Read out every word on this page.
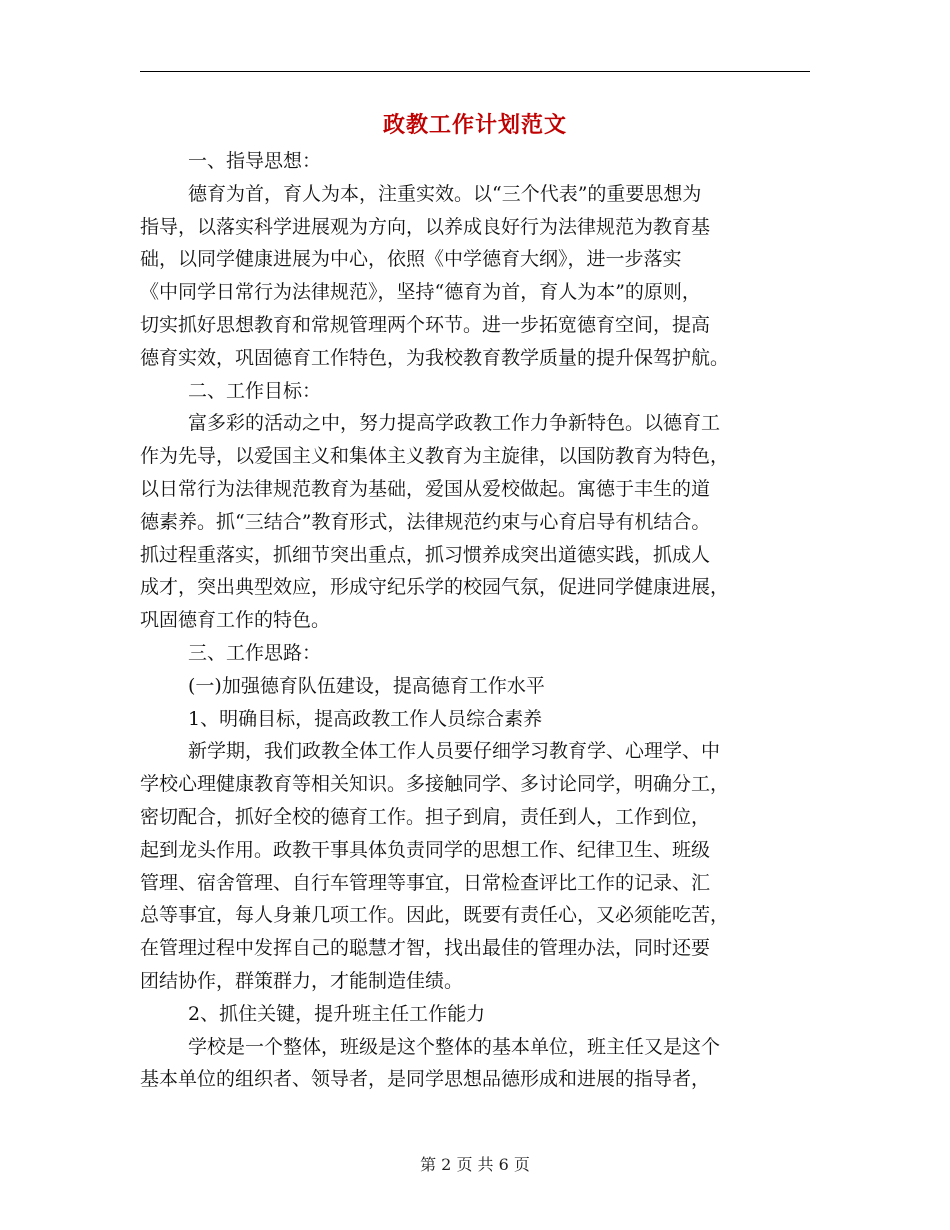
政教工作计划范文
一、指导思想：
德育为首，育人为本，注重实效。以“三个代表”的重要思想为
指导，以落实科学进展观为方向，以养成良好行为法律规范为教育基
础，以同学健康进展为中心，依照《中学德育大纲》，进一步落实
《中同学日常行为法律规范》，坚持“德育为首，育人为本”的原则，
切实抓好思想教育和常规管理两个环节。进一步拓宽德育空间，提高
德育实效，巩固德育工作特色，为我校教育教学质量的提升保驾护航。
二、工作目标：
富多彩的活动之中，努力提高学政教工作力争新特色。以德育工
作为先导，以爱国主义和集体主义教育为主旋律，以国防教育为特色，
以日常行为法律规范教育为基础，爱国从爱校做起。寓德于丰生的道
德素养。抓“三结合”教育形式，法律规范约束与心育启导有机结合。
抓过程重落实，抓细节突出重点，抓习惯养成突出道德实践，抓成人
成才，突出典型效应，形成守纪乐学的校园气氛，促进同学健康进展，
巩固德育工作的特色。
三、工作思路：
(一)加强德育队伍建设，提高德育工作水平
1、明确目标，提高政教工作人员综合素养
新学期，我们政教全体工作人员要仔细学习教育学、心理学、中
学校心理健康教育等相关知识。多接触同学、多讨论同学，明确分工，
密切配合，抓好全校的德育工作。担子到肩，责任到人，工作到位，
起到龙头作用。政教干事具体负责同学的思想工作、纪律卫生、班级
管理、宿舍管理、自行车管理等事宜，日常检查评比工作的记录、汇
总等事宜，每人身兼几项工作。因此，既要有责任心，又必须能吃苦，
在管理过程中发挥自己的聪慧才智，找出最佳的管理办法，同时还要
团结协作，群策群力，才能制造佳绩。
2、抓住关键，提升班主任工作能力
学校是一个整体，班级是这个整体的基本单位，班主任又是这个
基本单位的组织者、领导者，是同学思想品德形成和进展的指导者，

第 2 页 共 6 页
